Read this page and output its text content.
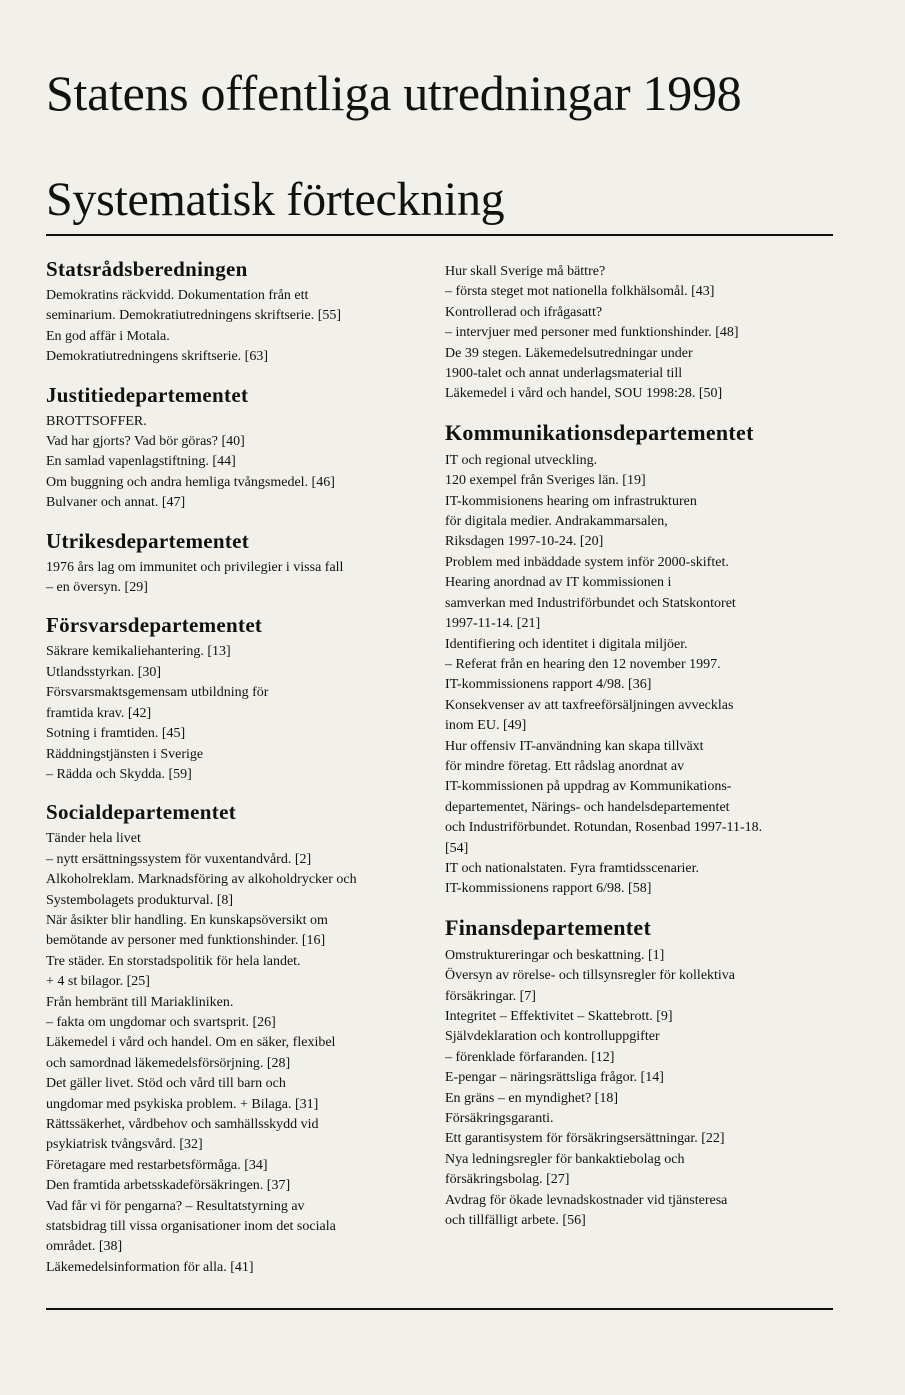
Statens offentliga utredningar 1998
Systematisk förteckning
Statsrådsberedningen
Demokratins räckvidd. Dokumentation från ett
seminarium. Demokratiutredningens skriftserie. [55]
En god affär i Motala.
Demokratiutredningens skriftserie. [63]
Justitiedepartementet
BROTTSOFFER.
Vad har gjorts? Vad bör göras? [40]
En samlad vapenlagstiftning. [44]
Om buggning och andra hemliga tvångsmedel. [46]
Bulvaner och annat. [47]
Utrikesdepartementet
1976 års lag om immunitet och privilegier i vissa fall
– en översyn. [29]
Försvarsdepartementet
Säkrare kemikaliehantering. [13]
Utlandsstyrkan. [30]
Försvarsmaktsgemensam utbildning för
framtida krav. [42]
Sotning i framtiden. [45]
Räddningstjänsten i Sverige
– Rädda och Skydda. [59]
Socialdepartementet
Tänder hela livet
– nytt ersättningssystem för vuxentandvård. [2]
Alkoholreklam. Marknadsföring av alkoholdrycker och
Systembolagets produkturval. [8]
När åsikter blir handling. En kunskapsöversikt om
bemötande av personer med funktionshinder. [16]
Tre städer. En storstadspolitik för hela landet.
+ 4 st bilagor. [25]
Från hembränt till Mariakliniken.
– fakta om ungdomar och svartsprit. [26]
Läkemedel i vård och handel. Om en säker, flexibel
och samordnad läkemedelsförsörjning. [28]
Det gäller livet. Stöd och vård till barn och
ungdomar med psykiska problem. + Bilaga. [31]
Rättssäkerhet, vårdbehov och samhällsskydd vid
psykiatrisk tvångsvård. [32]
Företagare med restarbetsförmåga. [34]
Den framtida arbetsskadeförsäkringen. [37]
Vad får vi för pengarna? – Resultatstyrning av
statsbidrag till vissa organisationer inom det sociala
området. [38]
Läkemedelsinformation för alla. [41]
Hur skall Sverige må bättre?
– första steget mot nationella folkhälsomål. [43]
Kontrollerad och ifrågasatt?
– intervjuer med personer med funktionshinder. [48]
De 39 stegen. Läkemedelsutredningar under
1900-talet och annat underlagsmaterial till
Läkemedel i vård och handel, SOU 1998:28. [50]
Kommunikationsdepartementet
IT och regional utveckling.
120 exempel från Sveriges län. [19]
IT-kommisionens hearing om infrastrukturen
för digitala medier. Andrakammarsalen,
Riksdagen 1997-10-24. [20]
Problem med inbäddade system inför 2000-skiftet.
Hearing anordnad av IT kommissionen i
samverkan med Industriförbundet och Statskontoret
1997-11-14. [21]
Identifiering och identitet i digitala miljöer.
– Referat från en hearing den 12 november 1997.
IT-kommissionens rapport 4/98. [36]
Konsekvenser av att taxfreeförsäljningen avvecklas
inom EU. [49]
Hur offensiv IT-användning kan skapa tillväxt
för mindre företag. Ett rådslag anordnat av
IT-kommissionen på uppdrag av Kommunikations-
departementet, Närings- och handelsdepartementet
och Industriförbundet. Rotundan, Rosenbad 1997-11-18.
[54]
IT och nationalstaten. Fyra framtidsscenarier.
IT-kommissionens rapport 6/98. [58]
Finansdepartementet
Omstruktureringar och beskattning. [1]
Översyn av rörelse- och tillsynsregler för kollektiva
försäkringar. [7]
Integritet – Effektivitet – Skattebrott. [9]
Självdeklaration och kontrolluppgifter
– förenklade förfaranden. [12]
E-pengar – näringsrättsliga frågor. [14]
En gräns – en myndighet? [18]
Försäkringsgaranti.
Ett garantisystem för försäkringsersättningar. [22]
Nya ledningsregler för bankaktiebolag och
försäkringsbolag. [27]
Avdrag för ökade levnadskostnader vid tjänsteresa
och tillfälligt arbete. [56]
